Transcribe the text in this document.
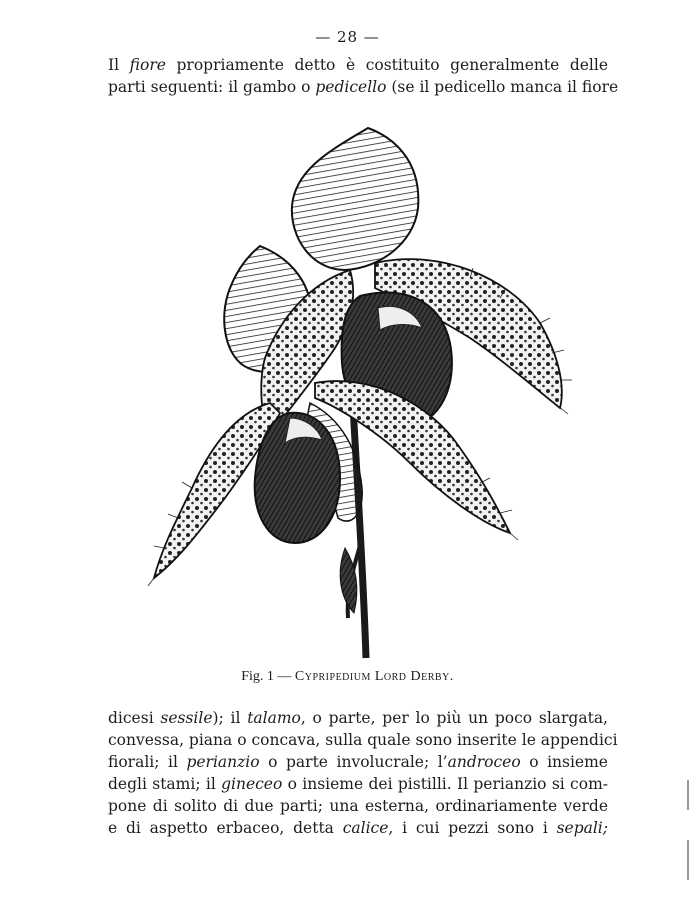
— 28 —
Il fiore propriamente detto è costituito generalmente delle
parti seguenti: il gambo o pedicello (se il pedicello manca il fiore
Fig. 1 — Cypripedium Lord Derby.
dicesi sessile); il talamo, o parte, per lo più un poco slargata,
convessa, piana o concava, sulla quale sono inserite le appendici
fiorali; il perianzio o parte involucrale; l’androceo o insieme
degli stami; il gineceo o insieme dei pistilli. Il perianzio si com-
pone di solito di due parti; una esterna, ordinariamente verde
e di aspetto erbaceo, detta calice, i cui pezzi sono i sepali;
